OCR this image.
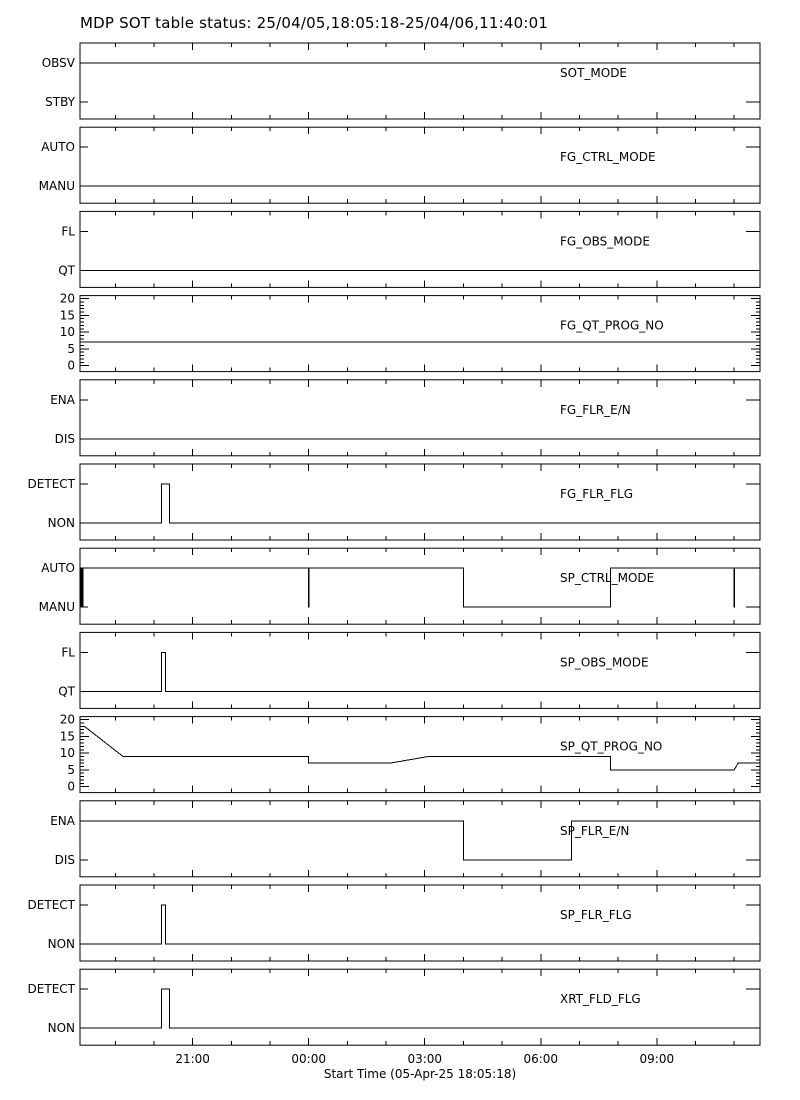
MDP SOT table status: 25/04/05,18:05:18-25/04/06,11:40:01
STBY
OBSV
SOT_MODE
MANU
AUTO
FG_CTRL_MODE
QT
FL
FG_OBS_MODE
0
5
10
15
20
FG_QT_PROG_NO
DIS
ENA
FG_FLR_E/N
NON
DETECT
FG_FLR_FLG
MANU
AUTO
SP_CTRL_MODE
QT
FL
SP_OBS_MODE
0
5
10
15
20
SP_QT_PROG_NO
DIS
ENA
SP_FLR_E/N
NON
DETECT
SP_FLR_FLG
NON
DETECT
XRT_FLD_FLG
21:00	00:00	03:00	06:00	09:00
Start Time (05-Apr-25 18:05:18)
